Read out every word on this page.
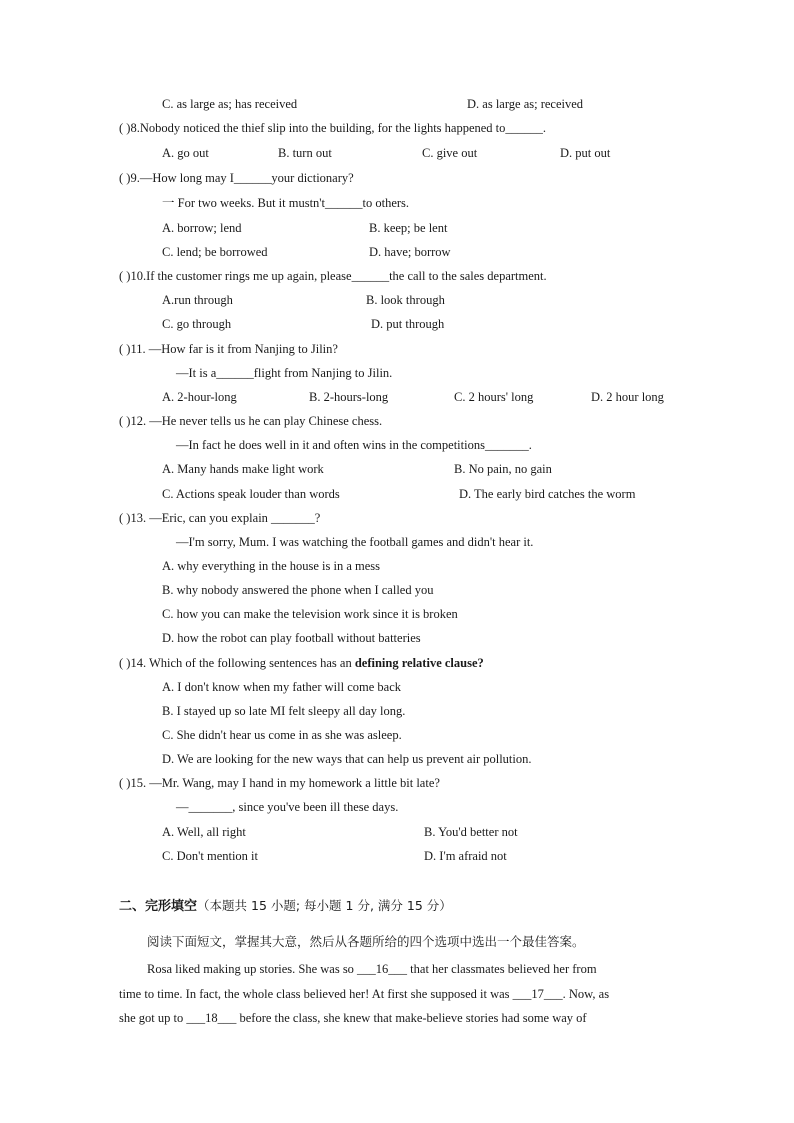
C. as large as; has received	D. as large as; received
( )8.Nobody noticed the thief slip into the building, for the lights happened to______.
A. go out	B. turn out	C. give out	D. put out
( )9.—How long may I______your dictionary?
一 For two weeks. But it mustn't______to others.
A. borrow; lend	B. keep; be lent
C. lend; be borrowed	D. have; borrow
( )10.If the customer rings me up again, please______the call to the sales department.
A.run through	B. look through
C. go through	D. put through
( )11. —How far is it from Nanjing to Jilin?
—It is a______flight from Nanjing to Jilin.
A. 2-hour-long	B. 2-hours-long	C. 2 hours' long	D. 2 hour long
( )12. —He never tells us he can play Chinese chess.
—In fact he does well in it and often wins in the competitions_______.
A. Many hands make light work	B. No pain, no gain
C. Actions speak louder than words	D. The early bird catches the worm
( )13. —Eric, can you explain _______?
—I'm sorry, Mum. I was watching the football games and didn't hear it.
A. why everything in the house is in a mess
B. why nobody answered the phone when I called you
C. how you can make the television work since it is broken
D. how the robot can play football without batteries
( )14. Which of the following sentences has an defining relative clause?
A. I don't know when my father will come back
B. I stayed up so late MI felt sleepy all day long.
C. She didn't hear us come in as she was asleep.
D. We are looking for the new ways that can help us prevent air pollution.
( )15. —Mr. Wang, may I hand in my homework a little bit late?
—_______, since you've been ill these days.
A. Well, all right	B. You'd better not
C. Don't mention it	D. I'm afraid not
二、完形填空（本题共 15 小题; 每小题 1 分, 满分 15 分）
阅读下面短文，掌握其大意，然后从各题所给的四个选项中选出一个最佳答案。
Rosa liked making up stories. She was so ___16___ that her classmates believed her from
time to time. In fact, the whole class believed her! At first she supposed it was ___17___. Now, as
she got up to ___18___ before the class, she knew that make-believe stories had some way of
